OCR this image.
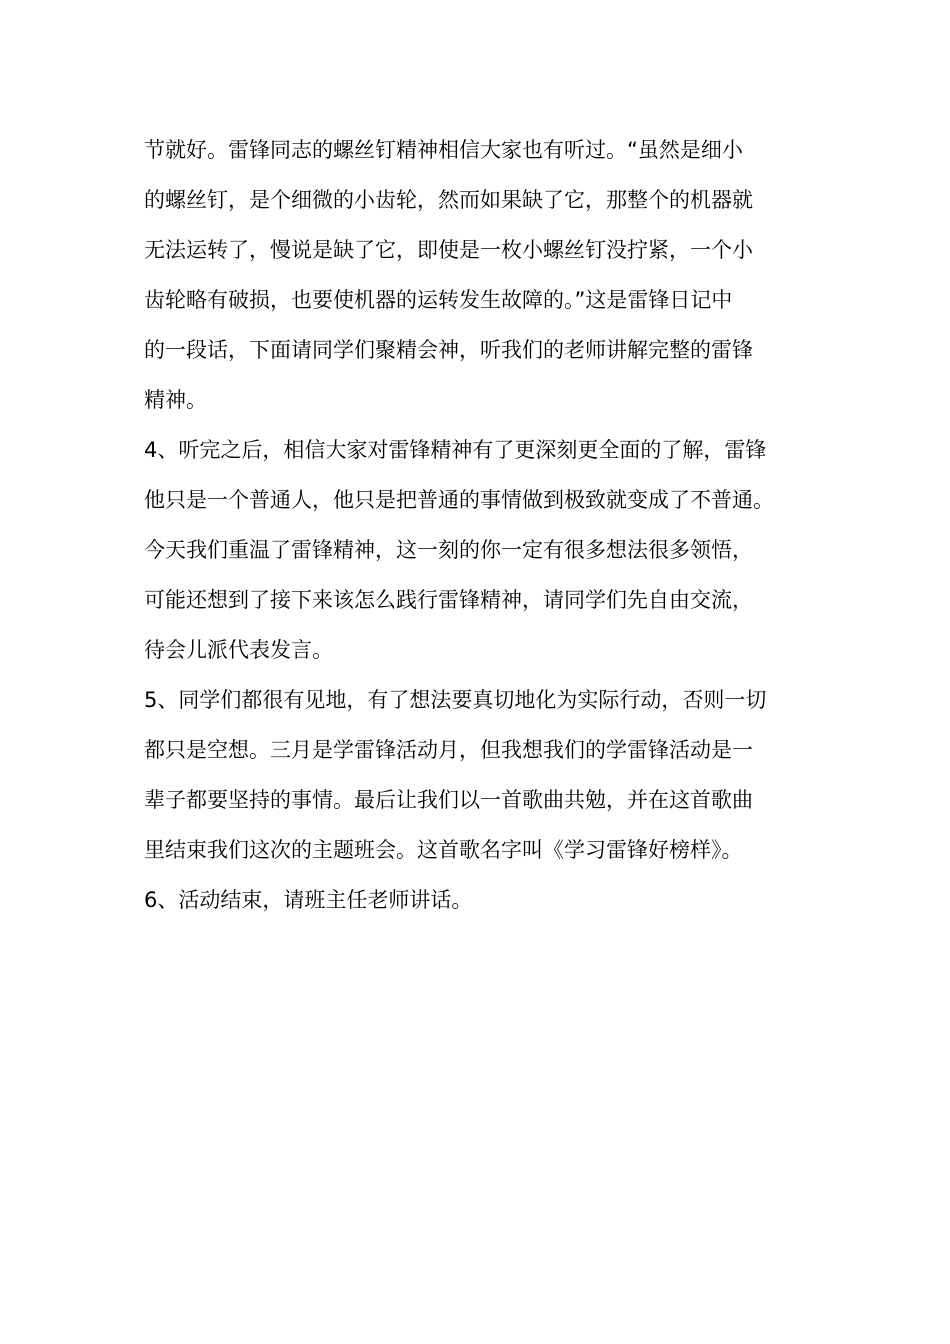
节就好。雷锋同志的螺丝钉精神相信大家也有听过。“虽然是细小
的螺丝钉，是个细微的小齿轮，然而如果缺了它，那整个的机器就
无法运转了，慢说是缺了它，即使是一枚小螺丝钉没拧紧，一个小
齿轮略有破损，也要使机器的运转发生故障的。”这是雷锋日记中
的一段话，下面请同学们聚精会神，听我们的老师讲解完整的雷锋
精神。
4、听完之后，相信大家对雷锋精神有了更深刻更全面的了解，雷锋
他只是一个普通人，他只是把普通的事情做到极致就变成了不普通。
今天我们重温了雷锋精神，这一刻的你一定有很多想法很多领悟，
可能还想到了接下来该怎么践行雷锋精神，请同学们先自由交流，
待会儿派代表发言。
5、同学们都很有见地，有了想法要真切地化为实际行动，否则一切
都只是空想。三月是学雷锋活动月，但我想我们的学雷锋活动是一
辈子都要坚持的事情。最后让我们以一首歌曲共勉，并在这首歌曲
里结束我们这次的主题班会。这首歌名字叫《学习雷锋好榜样》。
6、活动结束，请班主任老师讲话。
